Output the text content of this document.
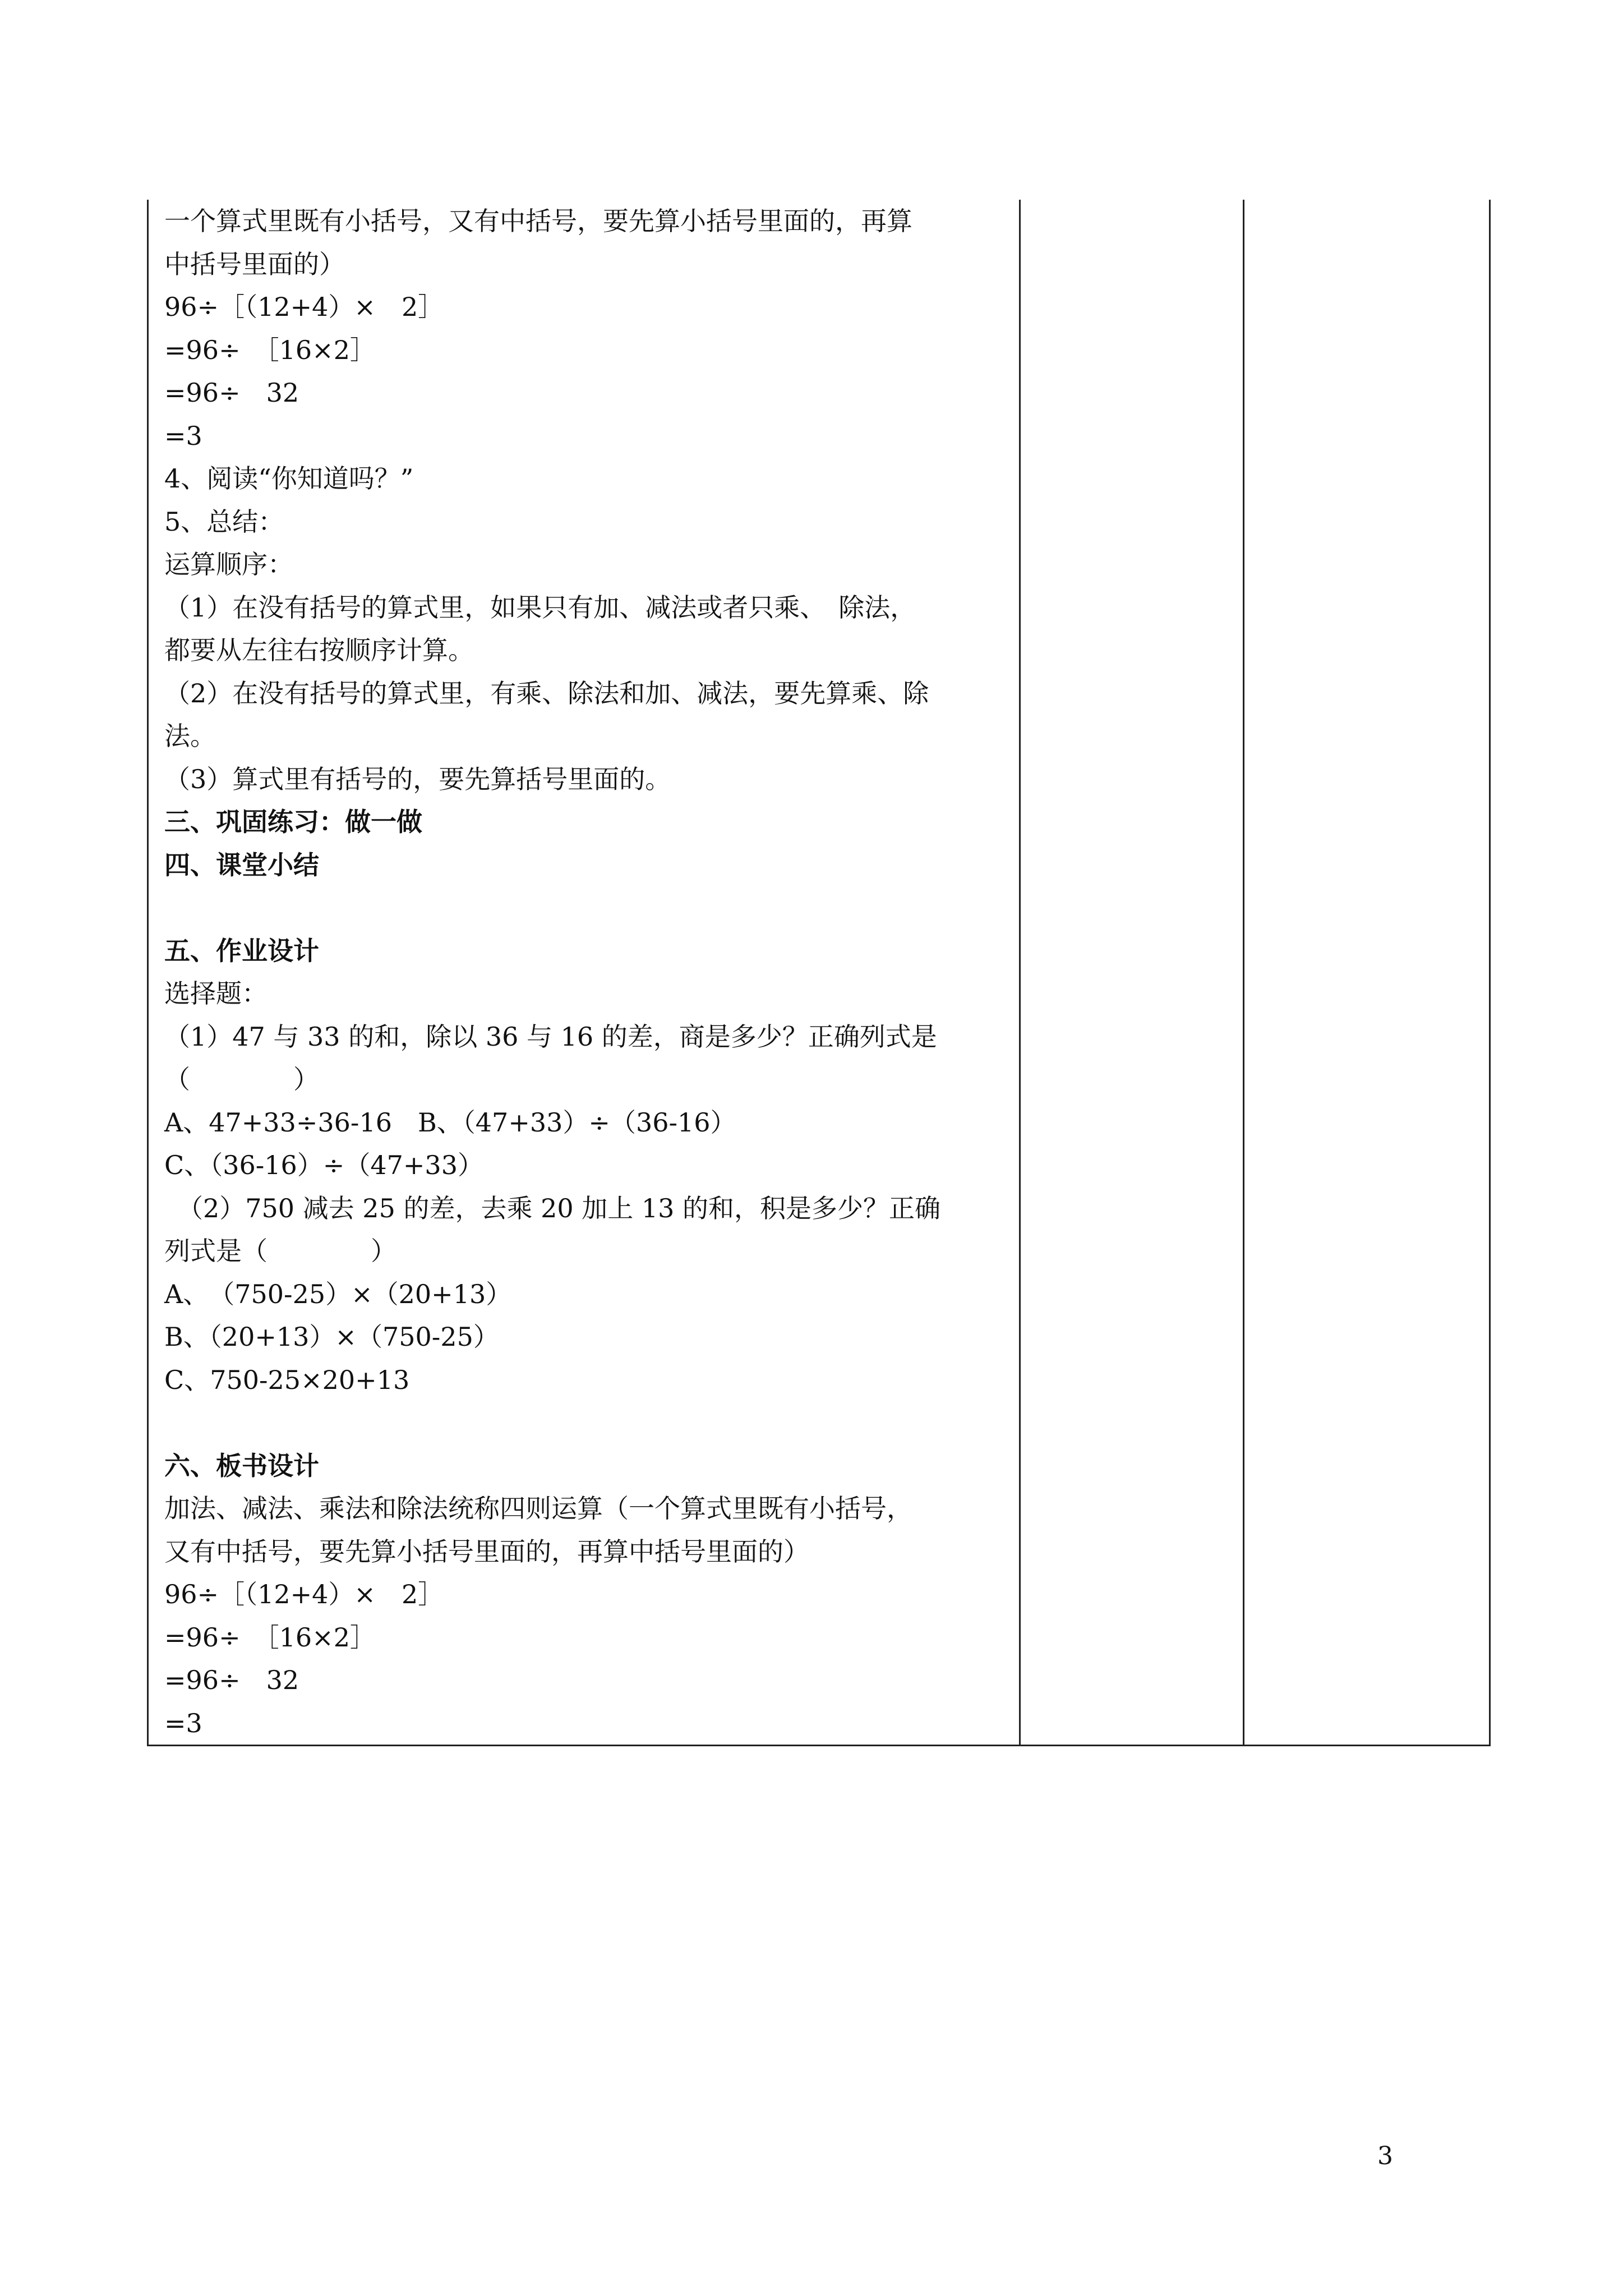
一个算式里既有小括号，又有中括号，要先算小括号里面的，再算
中括号里面的）
96÷［（12+4）×　2］
=96÷　［16×2］
=96÷　32
=3
4、阅读“你知道吗？”
5、总结：
运算顺序：
（1）在没有括号的算式里，如果只有加、减法或者只乘、　除法，
都要从左往右按顺序计算。
（2）在没有括号的算式里，有乘、除法和加、减法，要先算乘、除
法。
（3）算式里有括号的，要先算括号里面的。
三、巩固练习：做一做
四、课堂小结
五、作业设计
选择题：
（1）47 与 33 的和，除以 36 与 16 的差，商是多少？正确列式是
（　　　　）
A、47+33÷36-16　B、（47+33）÷（36-16）
C、（36-16）÷（47+33）
　（2）750 减去 25 的差，去乘 20 加上 13 的和，积是多少？正确
列式是（　　　　）
A、　（750-25）×（20+13）
B、（20+13）×（750-25）
C、750-25×20+13
六、板书设计
加法、减法、乘法和除法统称四则运算（一个算式里既有小括号，
又有中括号，要先算小括号里面的，再算中括号里面的）
96÷［（12+4）×　2］
=96÷　［16×2］
=96÷　32
=3

3
